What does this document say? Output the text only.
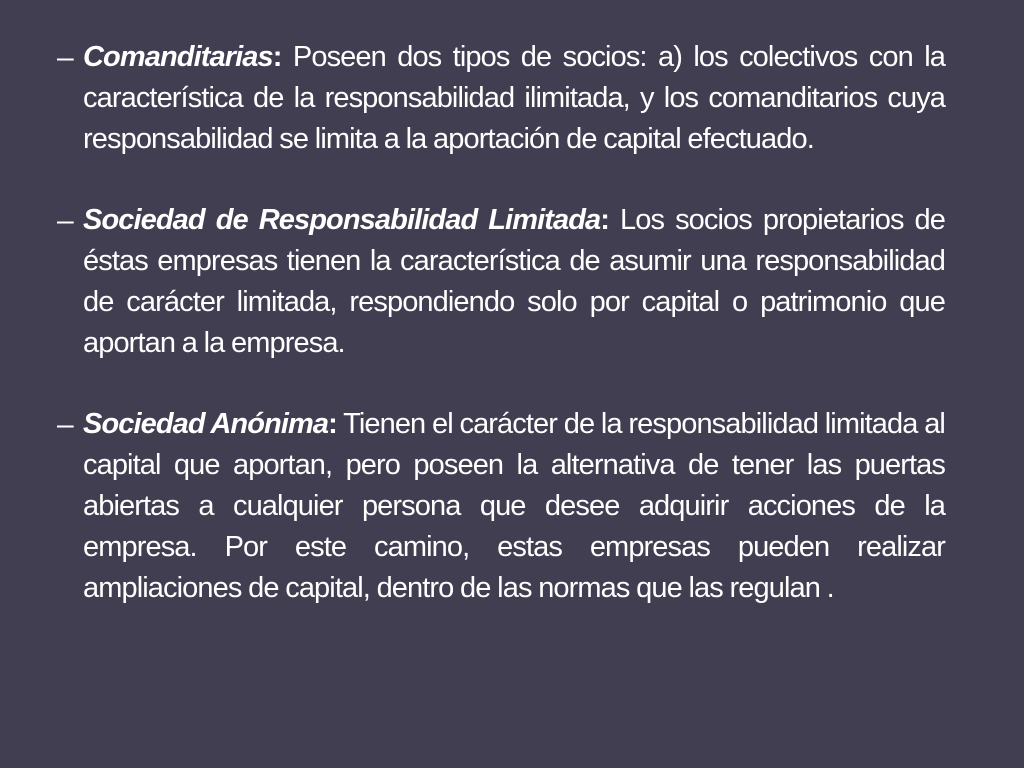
– Comanditarias: Poseen dos tipos de socios: a) los colectivos con la característica de la responsabilidad ilimitada, y los comanditarios cuya responsabilidad se limita a la aportación de capital efectuado.
– Sociedad de Responsabilidad Limitada: Los socios propietarios de éstas empresas tienen la característica de asumir una responsabilidad de carácter limitada, respondiendo solo por capital o patrimonio que aportan a la empresa.
– Sociedad Anónima: Tienen el carácter de la responsabilidad limitada al capital que aportan, pero poseen la alternativa de tener las puertas abiertas a cualquier persona que desee adquirir acciones de la empresa. Por este camino, estas empresas pueden realizar ampliaciones de capital, dentro de las normas que las regulan .
